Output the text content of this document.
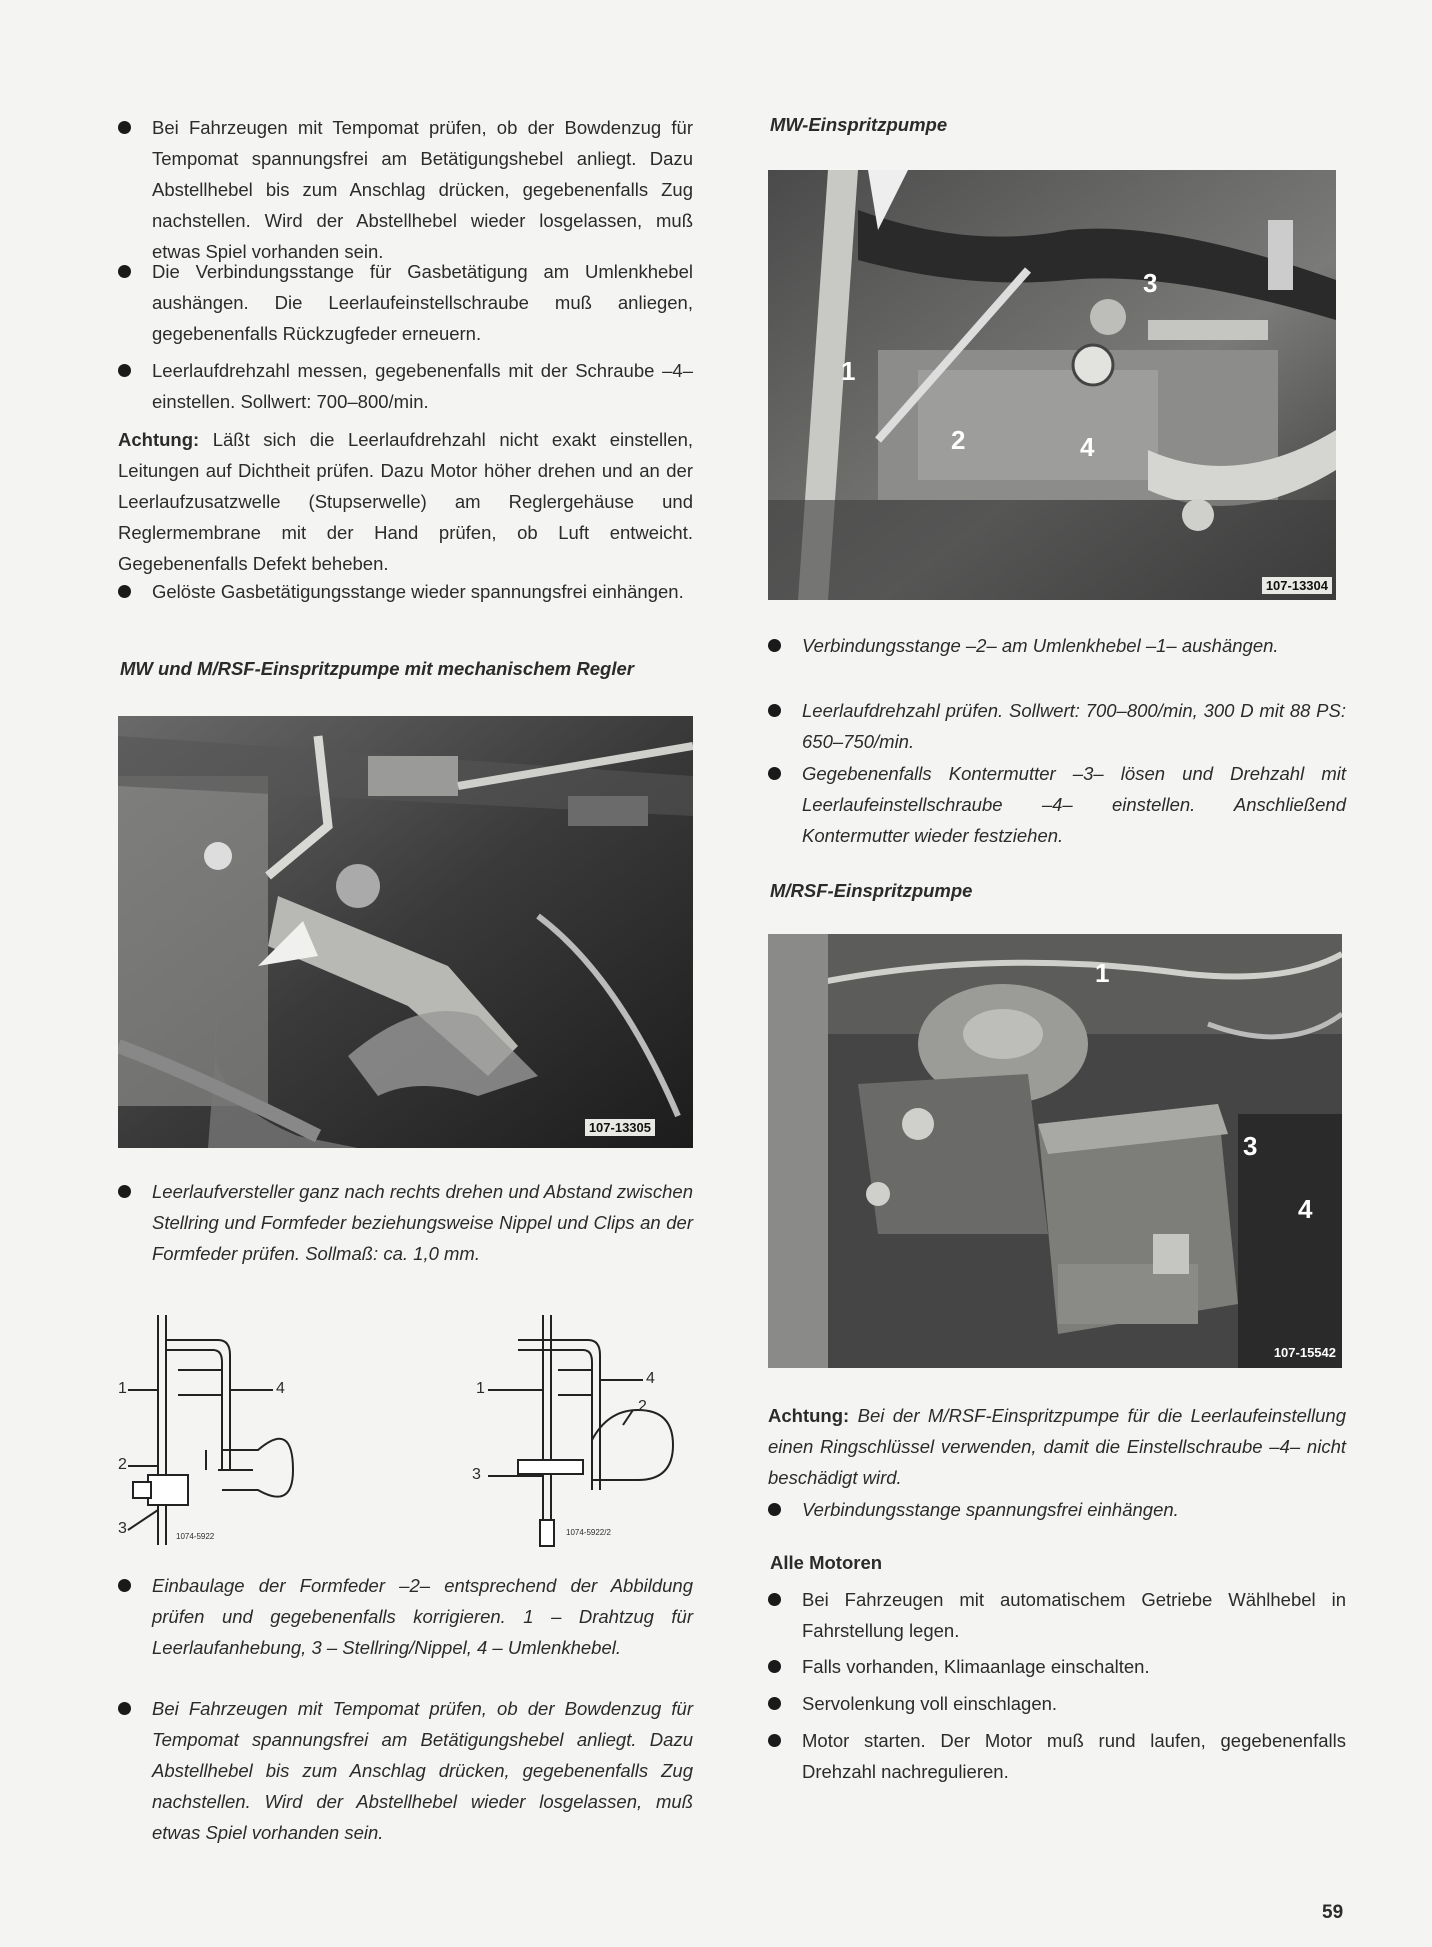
Bei Fahrzeugen mit Tempomat prüfen, ob der Bowdenzug für Tempomat spannungsfrei am Betätigungshebel anliegt. Dazu Abstellhebel bis zum Anschlag drücken, gegebenenfalls Zug nachstellen. Wird der Abstellhebel wieder losgelassen, muß etwas Spiel vorhanden sein.
Die Verbindungsstange für Gasbetätigung am Umlenkhebel aushängen. Die Leerlaufeinstellschraube muß anliegen, gegebenenfalls Rückzugfeder erneuern.
Leerlaufdrehzahl messen, gegebenenfalls mit der Schraube –4– einstellen. Sollwert: 700–800/min.
Achtung: Läßt sich die Leerlaufdrehzahl nicht exakt einstellen, Leitungen auf Dichtheit prüfen. Dazu Motor höher drehen und an der Leerlaufzusatzwelle (Stupserwelle) am Reglergehäuse und Reglermembrane mit der Hand prüfen, ob Luft entweicht. Gegebenenfalls Defekt beheben.
Gelöste Gasbetätigungsstange wieder spannungsfrei einhängen.
MW und M/RSF-Einspritzpumpe mit mechanischem Regler
107-13305
Leerlaufversteller ganz nach rechts drehen und Abstand zwischen Stellring und Formfeder beziehungsweise Nippel und Clips an der Formfeder prüfen. Sollmaß: ca. 1,0 mm.
1
2
3
4
1074-5922
1
4
2
3
1074-5922/2
Einbaulage der Formfeder –2– entsprechend der Abbildung prüfen und gegebenenfalls korrigieren. 1 – Drahtzug für Leerlaufanhebung, 3 – Stellring/Nippel, 4 – Umlenkhebel.
Bei Fahrzeugen mit Tempomat prüfen, ob der Bowdenzug für Tempomat spannungsfrei am Betätigungshebel anliegt. Dazu Abstellhebel bis zum Anschlag drücken, gegebenenfalls Zug nachstellen. Wird der Abstellhebel wieder losgelassen, muß etwas Spiel vorhanden sein.
MW-Einspritzpumpe
1
2
3
4
107-13304
Verbindungsstange –2– am Umlenkhebel –1– aushängen.
Leerlaufdrehzahl prüfen. Sollwert: 700–800/min, 300 D mit 88 PS: 650–750/min.
Gegebenenfalls Kontermutter –3– lösen und Drehzahl mit Leerlaufeinstellschraube –4– einstellen. Anschließend Kontermutter wieder festziehen.
M/RSF-Einspritzpumpe
1
3
4
107-15542
Achtung: Bei der M/RSF-Einspritzpumpe für die Leerlaufeinstellung einen Ringschlüssel verwenden, damit die Einstellschraube –4– nicht beschädigt wird.
Verbindungsstange spannungsfrei einhängen.
Alle Motoren
Bei Fahrzeugen mit automatischem Getriebe Wählhebel in Fahrstellung legen.
Falls vorhanden, Klimaanlage einschalten.
Servolenkung voll einschlagen.
Motor starten. Der Motor muß rund laufen, gegebenenfalls Drehzahl nachregulieren.
59
